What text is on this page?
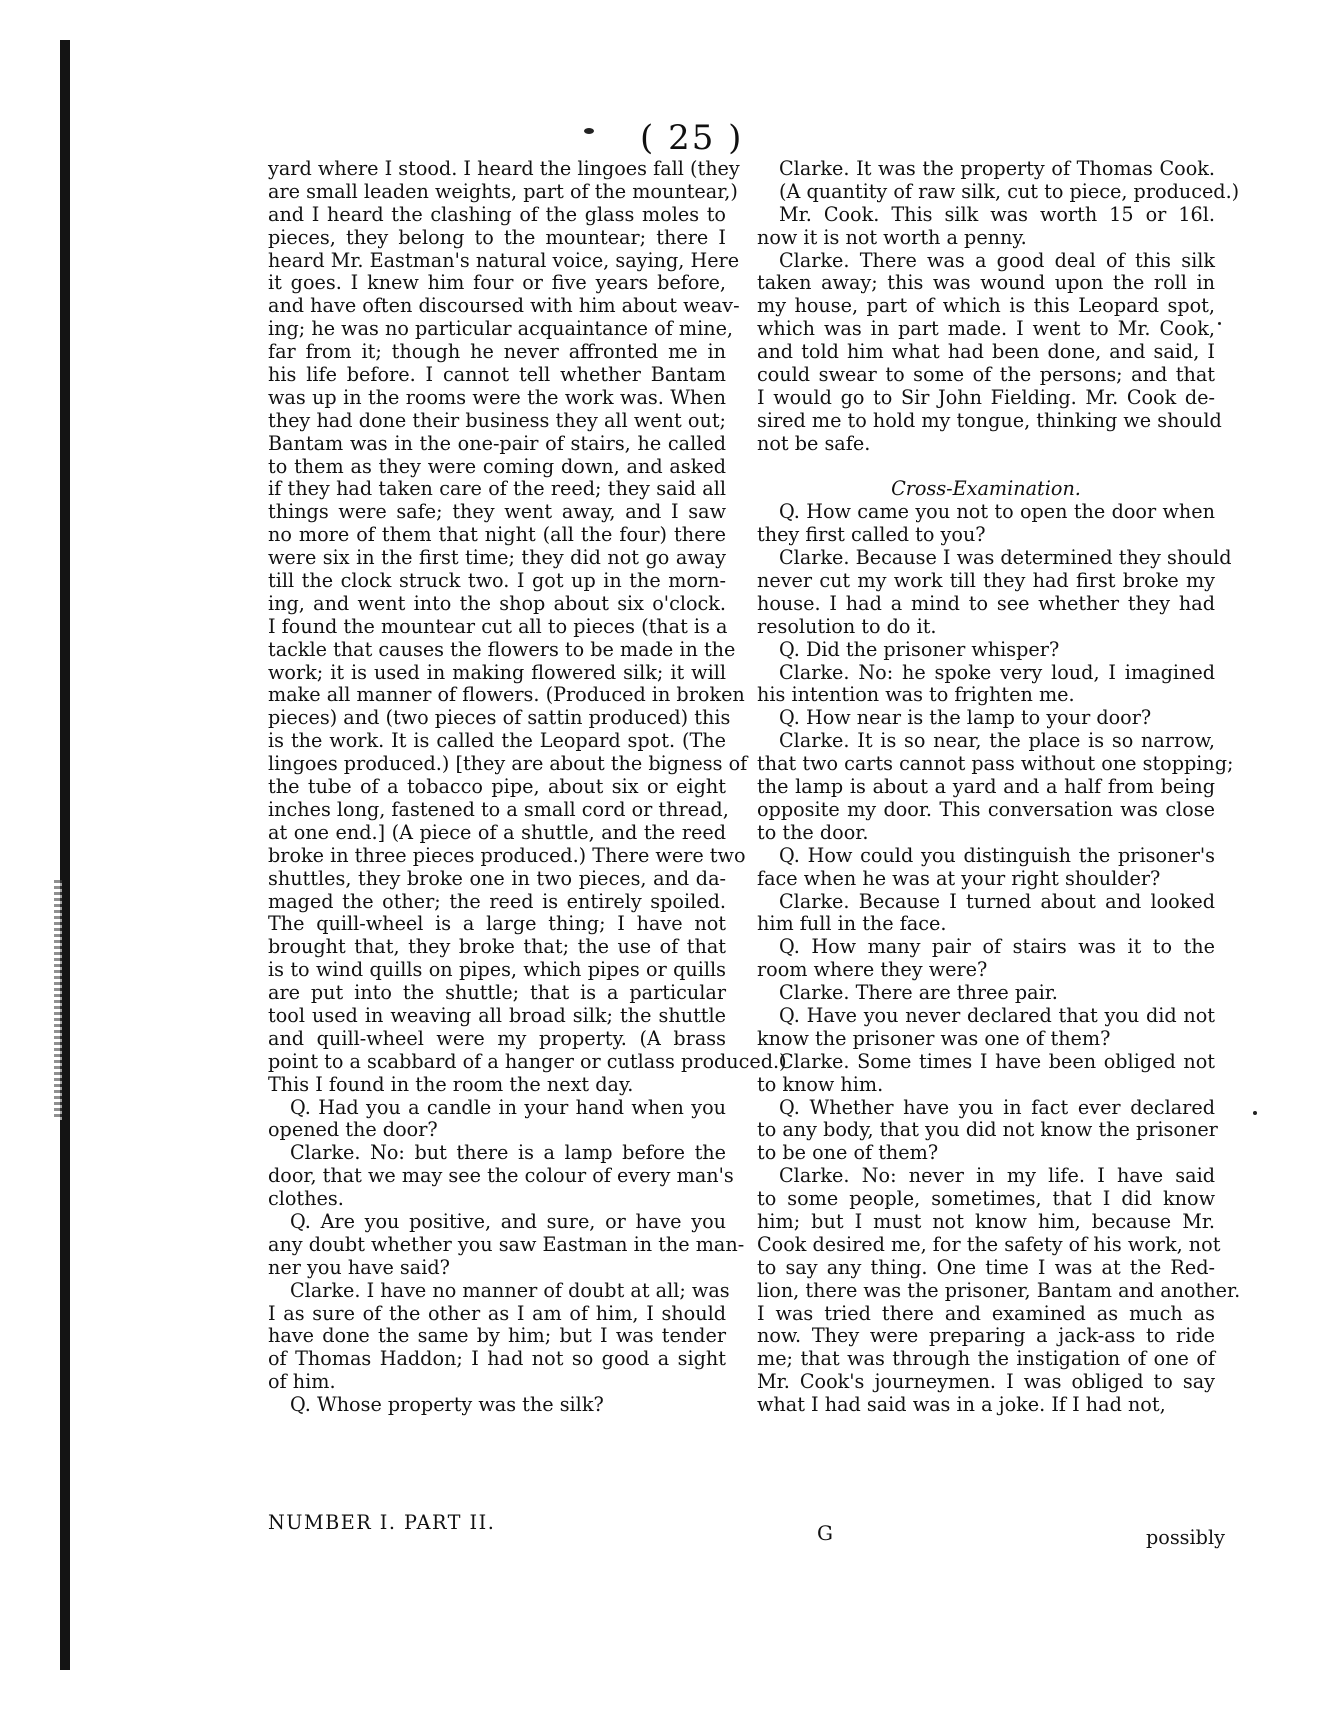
( 25 )
yard where I stood. I heard the lingoes fall (they
are small leaden weights, part of the mountear,)
and I heard the clashing of the glass moles to
pieces, they belong to the mountear; there I
heard Mr. Eastman's natural voice, saying, Here
it goes. I knew him four or five years before,
and have often discoursed with him about weav-
ing; he was no particular acquaintance of mine,
far from it; though he never affronted me in
his life before. I cannot tell whether Bantam
was up in the rooms were the work was. When
they had done their business they all went out;
Bantam was in the one-pair of stairs, he called
to them as they were coming down, and asked
if they had taken care of the reed; they said all
things were safe; they went away, and I saw
no more of them that night (all the four) there
were six in the first time; they did not go away
till the clock struck two. I got up in the morn-
ing, and went into the shop about six o'clock.
I found the mountear cut all to pieces (that is a
tackle that causes the flowers to be made in the
work; it is used in making flowered silk; it will
make all manner of flowers. (Produced in broken
pieces) and (two pieces of sattin produced) this
is the work. It is called the Leopard spot. (The
lingoes produced.) [they are about the bigness of
the tube of a tobacco pipe, about six or eight
inches long, fastened to a small cord or thread,
at one end.] (A piece of a shuttle, and the reed
broke in three pieces produced.) There were two
shuttles, they broke one in two pieces, and da-
maged the other; the reed is entirely spoiled.
The quill-wheel is a large thing; I have not
brought that, they broke that; the use of that
is to wind quills on pipes, which pipes or quills
are put into the shuttle; that is a particular
tool used in weaving all broad silk; the shuttle
and quill-wheel were my property. (A brass
point to a scabbard of a hanger or cutlass produced.)
This I found in the room the next day.
Q. Had you a candle in your hand when you
opened the door?
Clarke. No: but there is a lamp before the
door, that we may see the colour of every man's
clothes.
Q. Are you positive, and sure, or have you
any doubt whether you saw Eastman in the man-
ner you have said?
Clarke. I have no manner of doubt at all; was
I as sure of the other as I am of him, I should
have done the same by him; but I was tender
of Thomas Haddon; I had not so good a sight
of him.
Q. Whose property was the silk?
Clarke. It was the property of Thomas Cook.
(A quantity of raw silk, cut to piece, produced.)
Mr. Cook. This silk was worth 15 or 16l.
now it is not worth a penny.
Clarke. There was a good deal of this silk
taken away; this was wound upon the roll in
my house, part of which is this Leopard spot,
which was in part made. I went to Mr. Cook,
and told him what had been done, and said, I
could swear to some of the persons; and that
I would go to Sir John Fielding. Mr. Cook de-
sired me to hold my tongue, thinking we should
not be safe.
Cross-Examination.
Q. How came you not to open the door when
they first called to you?
Clarke. Because I was determined they should
never cut my work till they had first broke my
house. I had a mind to see whether they had
resolution to do it.
Q. Did the prisoner whisper?
Clarke. No: he spoke very loud, I imagined
his intention was to frighten me.
Q. How near is the lamp to your door?
Clarke. It is so near, the place is so narrow,
that two carts cannot pass without one stopping;
the lamp is about a yard and a half from being
opposite my door. This conversation was close
to the door.
Q. How could you distinguish the prisoner's
face when he was at your right shoulder?
Clarke. Because I turned about and looked
him full in the face.
Q. How many pair of stairs was it to the
room where they were?
Clarke. There are three pair.
Q. Have you never declared that you did not
know the prisoner was one of them?
Clarke. Some times I have been obliged not
to know him.
Q. Whether have you in fact ever declared
to any body, that you did not know the prisoner
to be one of them?
Clarke. No: never in my life. I have said
to some people, sometimes, that I did know
him; but I must not know him, because Mr.
Cook desired me, for the safety of his work, not
to say any thing. One time I was at the Red-
lion, there was the prisoner, Bantam and another.
I was tried there and examined as much as
now. They were preparing a jack-ass to ride
me; that was through the instigation of one of
Mr. Cook's journeymen. I was obliged to say
what I had said was in a joke. If I had not,
NUMBER I. PART II.	G	possibly
